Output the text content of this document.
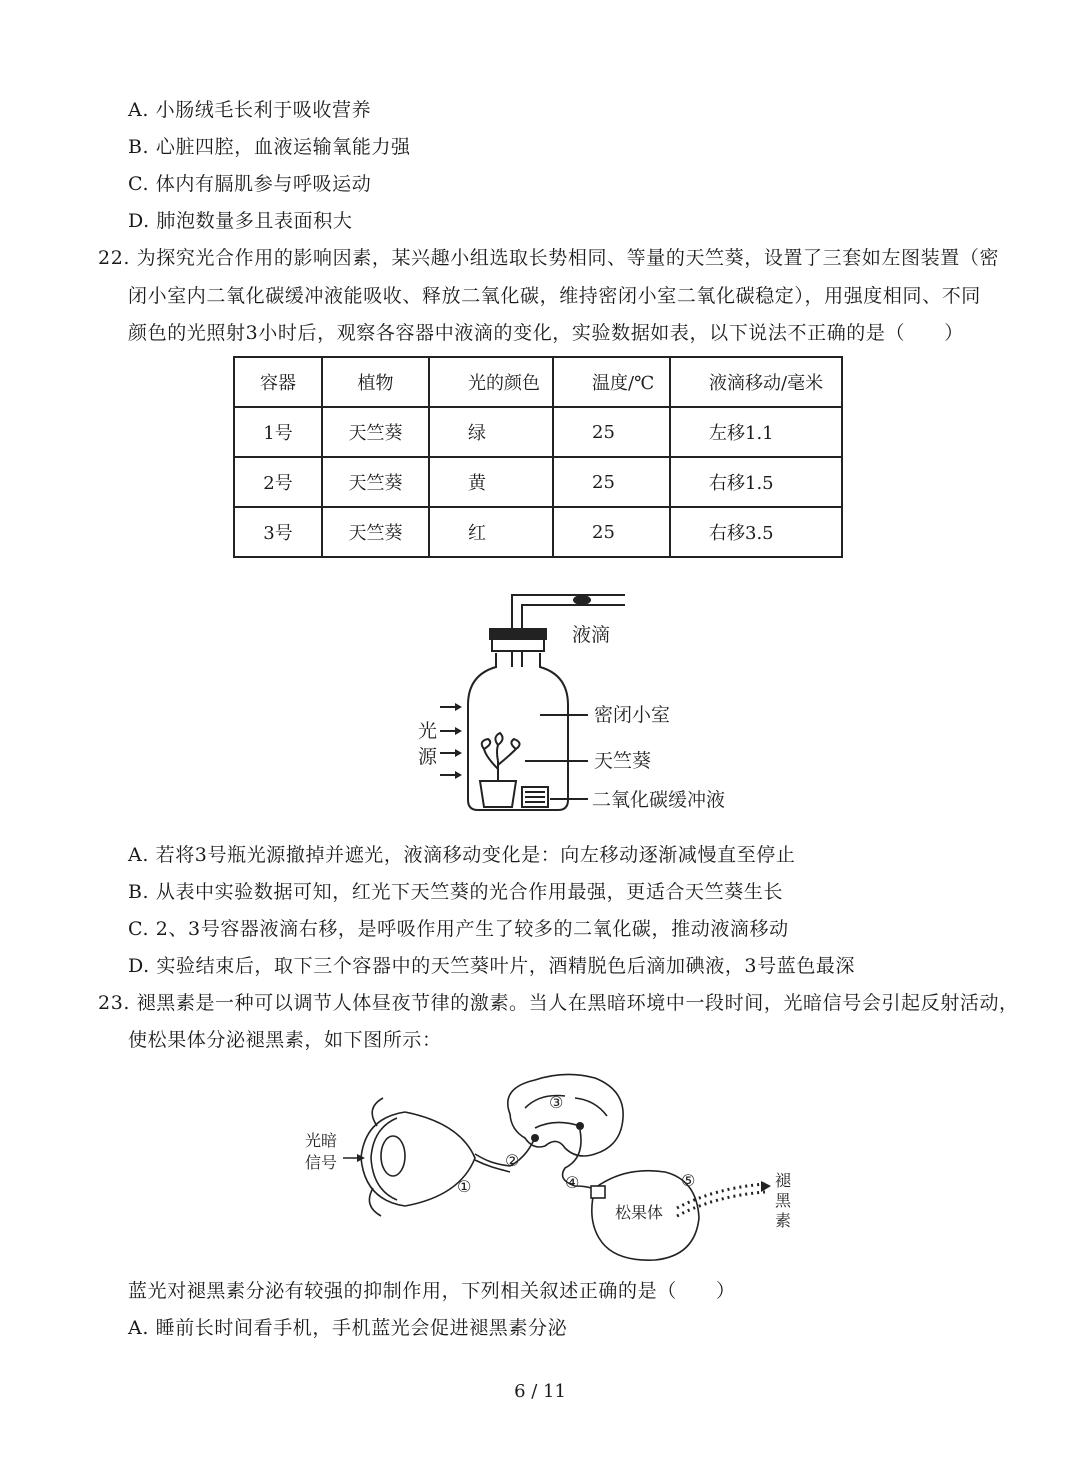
A. 小肠绒毛长利于吸收营养
B. 心脏四腔，血液运输氧能力强
C. 体内有膈肌参与呼吸运动
D. 肺泡数量多且表面积大
22. 为探究光合作用的影响因素，某兴趣小组选取长势相同、等量的天竺葵，设置了三套如左图装置（密
闭小室内二氧化碳缓冲液能吸收、释放二氧化碳，维持密闭小室二氧化碳稳定），用强度相同、不同
颜色的光照射3小时后，观察各容器中液滴的变化，实验数据如表，以下说法不正确的是（　　）
容器	植物	光的颜色	温度/℃	液滴移动/毫米

1号	天竺葵	绿	25	左移1.1

2号	天竺葵	黄	25	右移1.5

3号	天竺葵	红	25	右移3.5
液滴
光
源
密闭小室
天竺葵
二氧化碳缓冲液
A. 若将3号瓶光源撤掉并遮光，液滴移动变化是：向左移动逐渐减慢直至停止
B. 从表中实验数据可知，红光下天竺葵的光合作用最强，更适合天竺葵生长
C. 2、3号容器液滴右移，是呼吸作用产生了较多的二氧化碳，推动液滴移动
D. 实验结束后，取下三个容器中的天竺葵叶片，酒精脱色后滴加碘液，3号蓝色最深
23. 褪黑素是一种可以调节人体昼夜节律的激素。当人在黑暗环境中一段时间，光暗信号会引起反射活动，
使松果体分泌褪黑素，如下图所示：
光暗
信号
松果体
褪
黑
素
①
②
③
④	⑤
蓝光对褪黑素分泌有较强的抑制作用，下列相关叙述正确的是（　　）
A. 睡前长时间看手机，手机蓝光会促进褪黑素分泌
6 / 11
